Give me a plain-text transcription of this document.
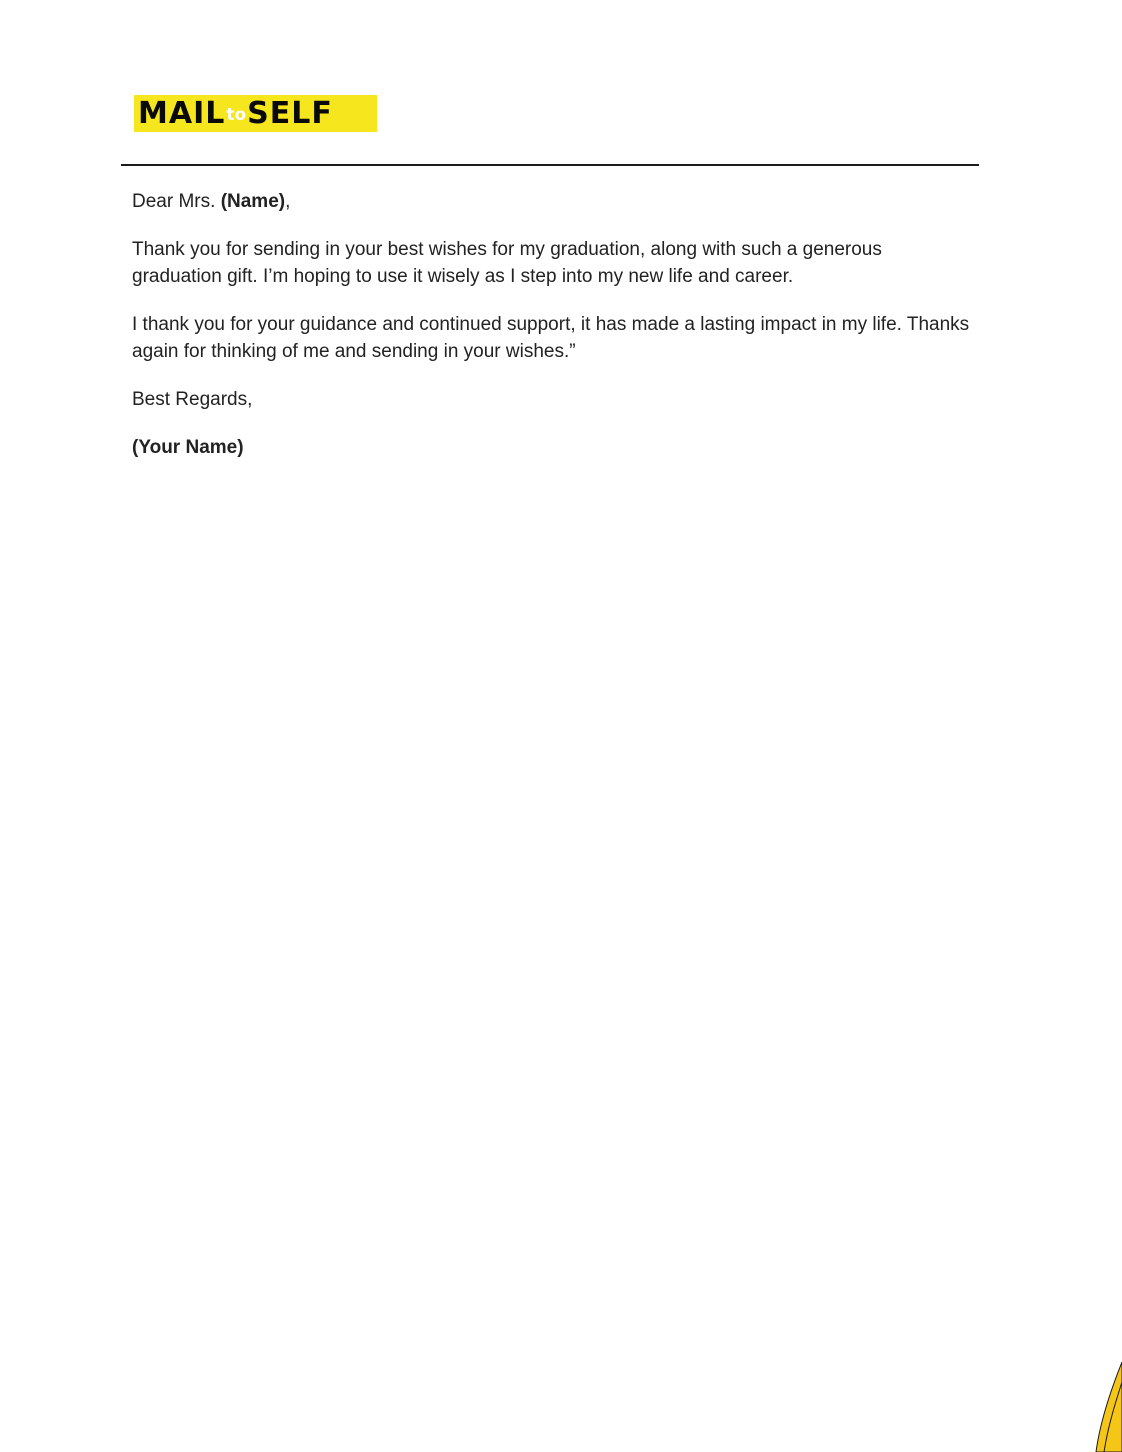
MAIL to SELF

Dear Mrs. (Name),

Thank you for sending in your best wishes for my graduation, along with such a generous graduation gift. I’m hoping to use it wisely as I step into my new life and career.

I thank you for your guidance and continued support, it has made a lasting impact in my life. Thanks again for thinking of me and sending in your wishes.”

Best Regards,

(Your Name)
